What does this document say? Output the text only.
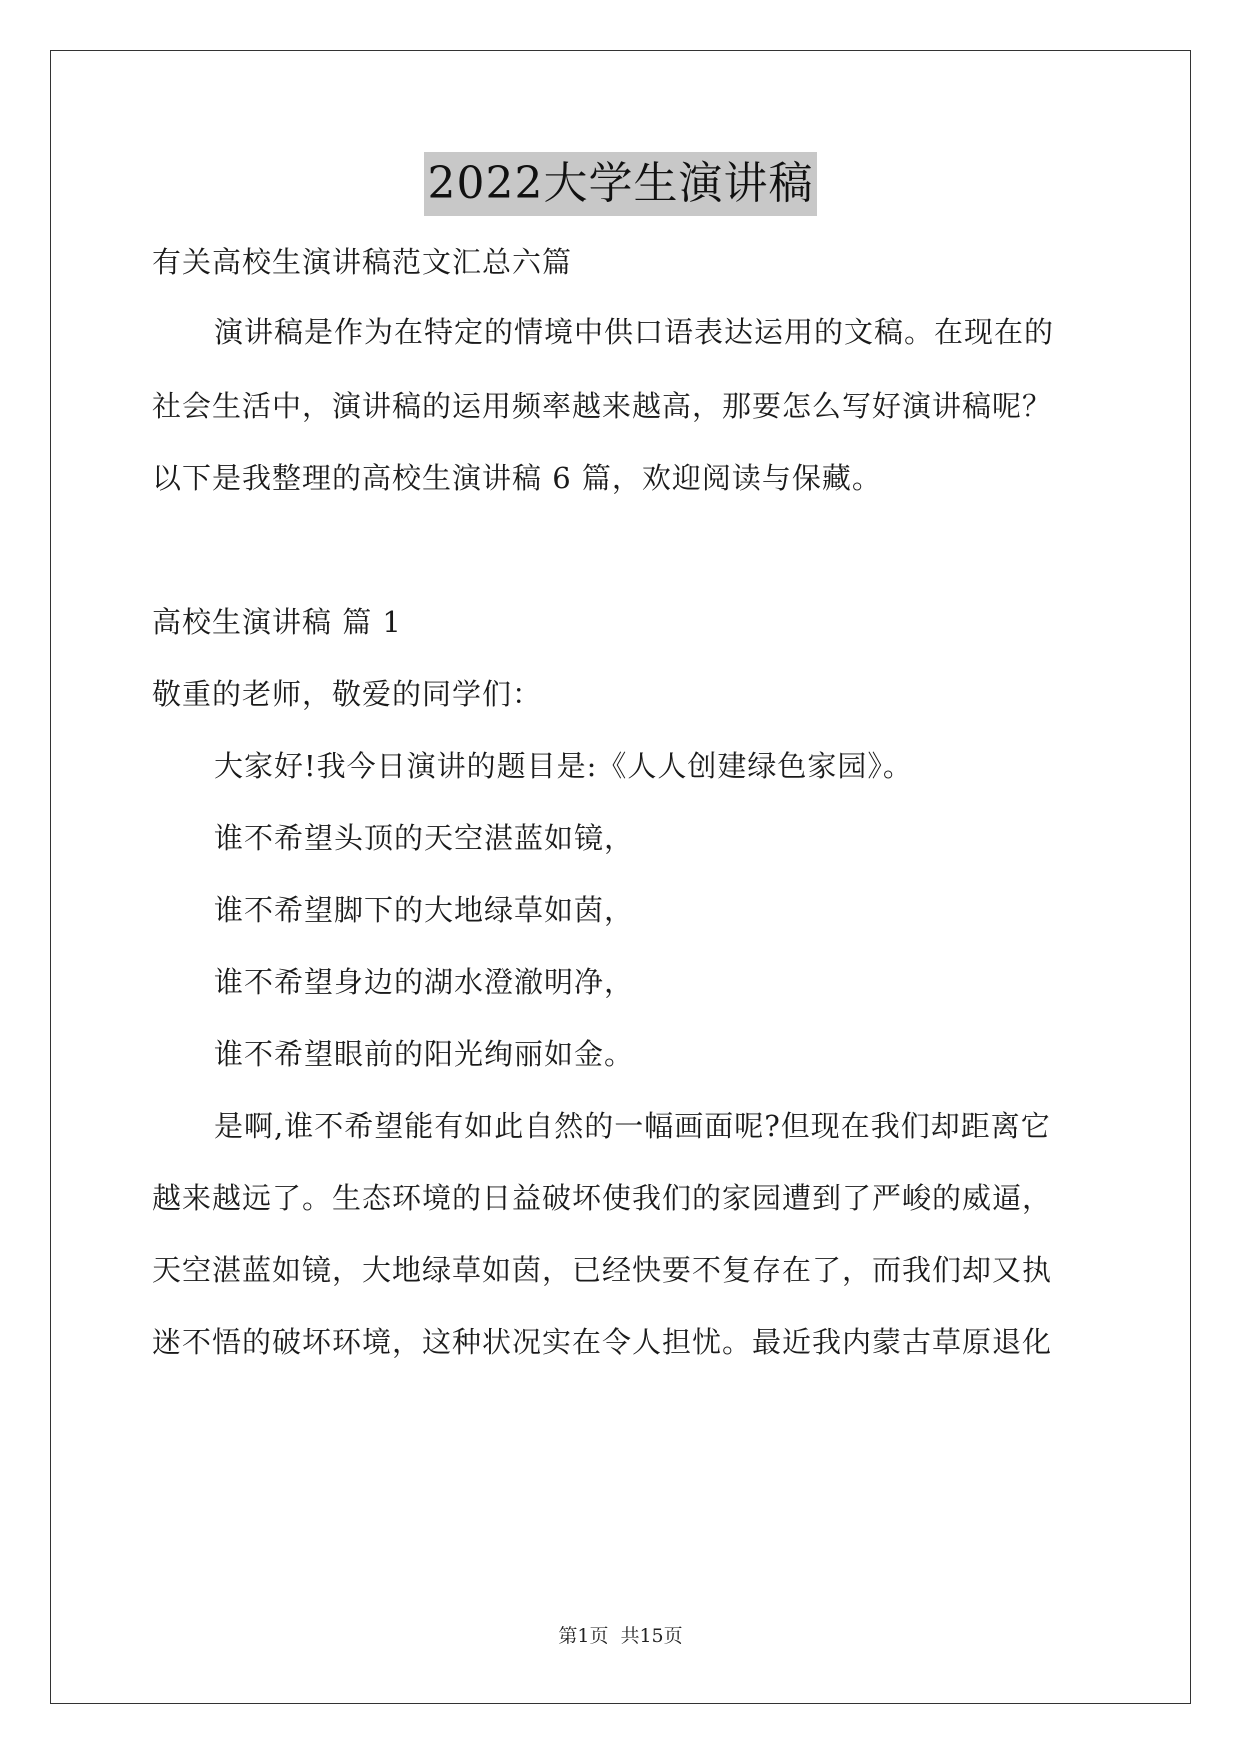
2022大学生演讲稿
有关高校生演讲稿范文汇总六篇
演讲稿是作为在特定的情境中供口语表达运用的文稿。在现在的
社会生活中，演讲稿的运用频率越来越高，那要怎么写好演讲稿呢？
以下是我整理的高校生演讲稿 6 篇，欢迎阅读与保藏。
高校生演讲稿 篇 1
敬重的老师，敬爱的同学们：
大家好!我今日演讲的题目是:《人人创建绿色家园》。
谁不希望头顶的天空湛蓝如镜，
谁不希望脚下的大地绿草如茵，
谁不希望身边的湖水澄澈明净，
谁不希望眼前的阳光绚丽如金。
是啊,谁不希望能有如此自然的一幅画面呢?但现在我们却距离它
越来越远了。生态环境的日益破坏使我们的家园遭到了严峻的威逼，
天空湛蓝如镜，大地绿草如茵，已经快要不复存在了，而我们却又执
迷不悟的破坏环境，这种状况实在令人担忧。最近我内蒙古草原退化
第1页 共15页
